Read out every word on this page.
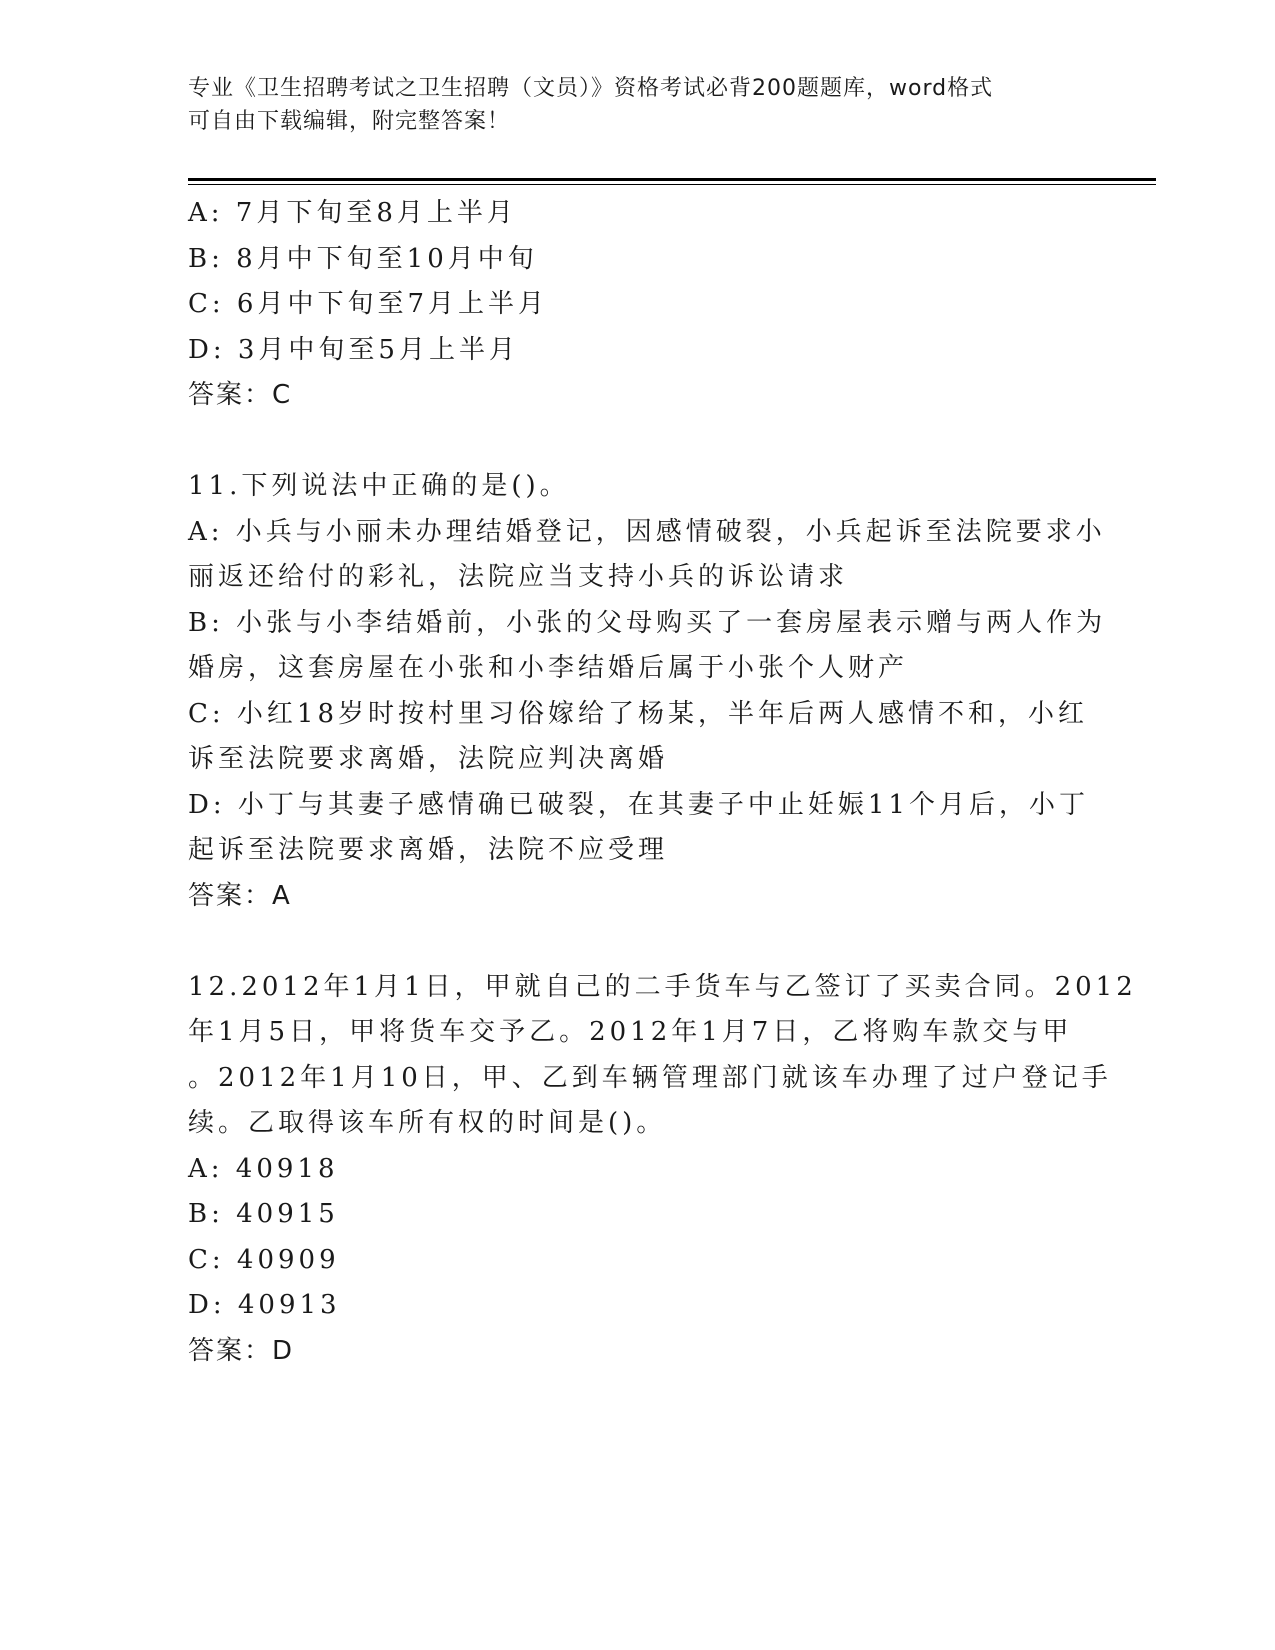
专业《卫生招聘考试之卫生招聘（文员）》资格考试必背200题题库，word格式
可自由下载编辑，附完整答案！
A: 7月下旬至8月上半月
B: 8月中下旬至10月中旬
C: 6月中下旬至7月上半月
D: 3月中旬至5月上半月
答案：C
11.下列说法中正确的是()。
A: 小兵与小丽未办理结婚登记，因感情破裂，小兵起诉至法院要求小
丽返还给付的彩礼，法院应当支持小兵的诉讼请求
B: 小张与小李结婚前，小张的父母购买了一套房屋表示赠与两人作为
婚房，这套房屋在小张和小李结婚后属于小张个人财产
C: 小红18岁时按村里习俗嫁给了杨某，半年后两人感情不和，小红
诉至法院要求离婚，法院应判决离婚
D: 小丁与其妻子感情确已破裂，在其妻子中止妊娠11个月后，小丁
起诉至法院要求离婚，法院不应受理
答案：A
12.2012年1月1日，甲就自己的二手货车与乙签订了买卖合同。2012
年1月5日，甲将货车交予乙。2012年1月7日，乙将购车款交与甲
。2012年1月10日，甲、乙到车辆管理部门就该车办理了过户登记手
续。乙取得该车所有权的时间是()。
A: 40918
B: 40915
C: 40909
D: 40913
答案：D
